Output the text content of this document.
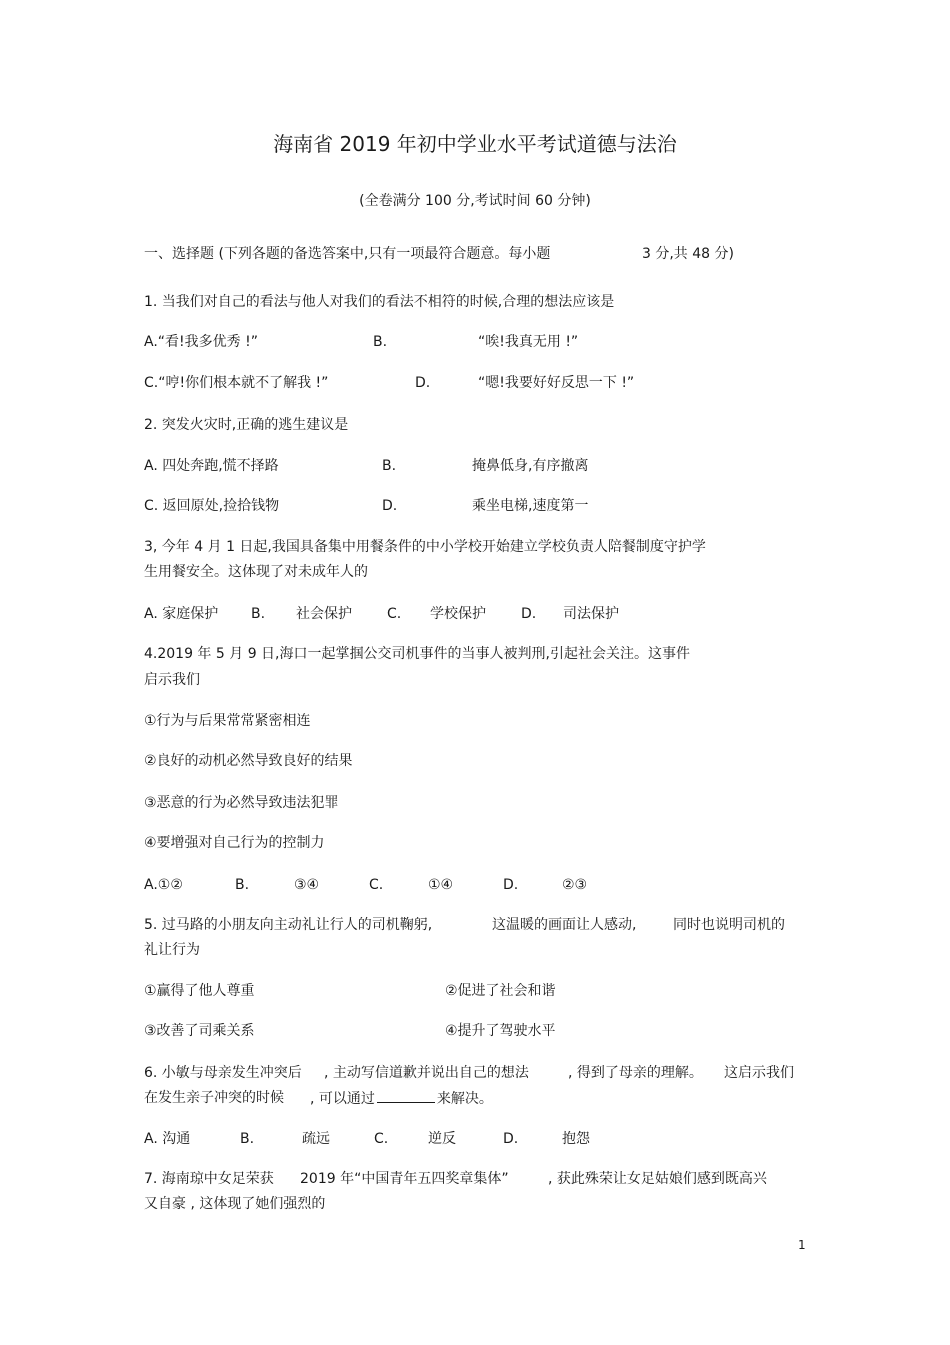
海南省 2019 年初中学业水平考试道德与法治
(全卷满分 100 分,考试时间 60 分钟)
一、选择题 (下列各题的备选答案中,只有一项最符合题意。每小题	3 分,共 48 分)
1. 当我们对自己的看法与他人对我们的看法不相符的时候,合理的想法应该是
A.“看!我多优秀 !”	B.	“唉!我真无用 !”
C.“哼!你们根本就不了解我 !”	D.	“嗯!我要好好反思一下 !”
2. 突发火灾时,正确的逃生建议是
A. 四处奔跑,慌不择路	B.	掩鼻低身,有序撤离
C. 返回原处,捡拾钱物	D.	乘坐电梯,速度第一
3, 今年 4 月 1 日起,我国具备集中用餐条件的中小学校开始建立学校负责人陪餐制度守护学
生用餐安全。这体现了对未成年人的
A. 家庭保护 B. 社会保护	C. 学校保护	D. 司法保护
4.2019 年 5 月 9 日,海口一起掌掴公交司机事件的当事人被判刑,引起社会关注。这事件
启示我们
①行为与后果常常紧密相连
②良好的动机必然导致良好的结果
③恶意的行为必然导致违法犯罪
④要增强对自己行为的控制力
A.①②	B.	③④	C.	①④	D.	②③
5. 过马路的小朋友向主动礼让行人的司机鞠躬,	这温暖的画面让人感动,	同时也说明司机的
礼让行为
①赢得了他人尊重	②促进了社会和谐
③改善了司乘关系	④提升了驾驶水平
6. 小敏与母亲发生冲突后 , 主动写信道歉并说出自己的想法	, 得到了母亲的理解。 这启示我们
在发生亲子冲突的时候 , 可以通过	来解决。
A. 沟通	B.	疏远	C.	逆反	D.	抱怨
7. 海南琼中女足荣获 2019 年“中国青年五四奖章集体”	, 获此殊荣让女足姑娘们感到既高兴
又自豪 , 这体现了她们强烈的
1
